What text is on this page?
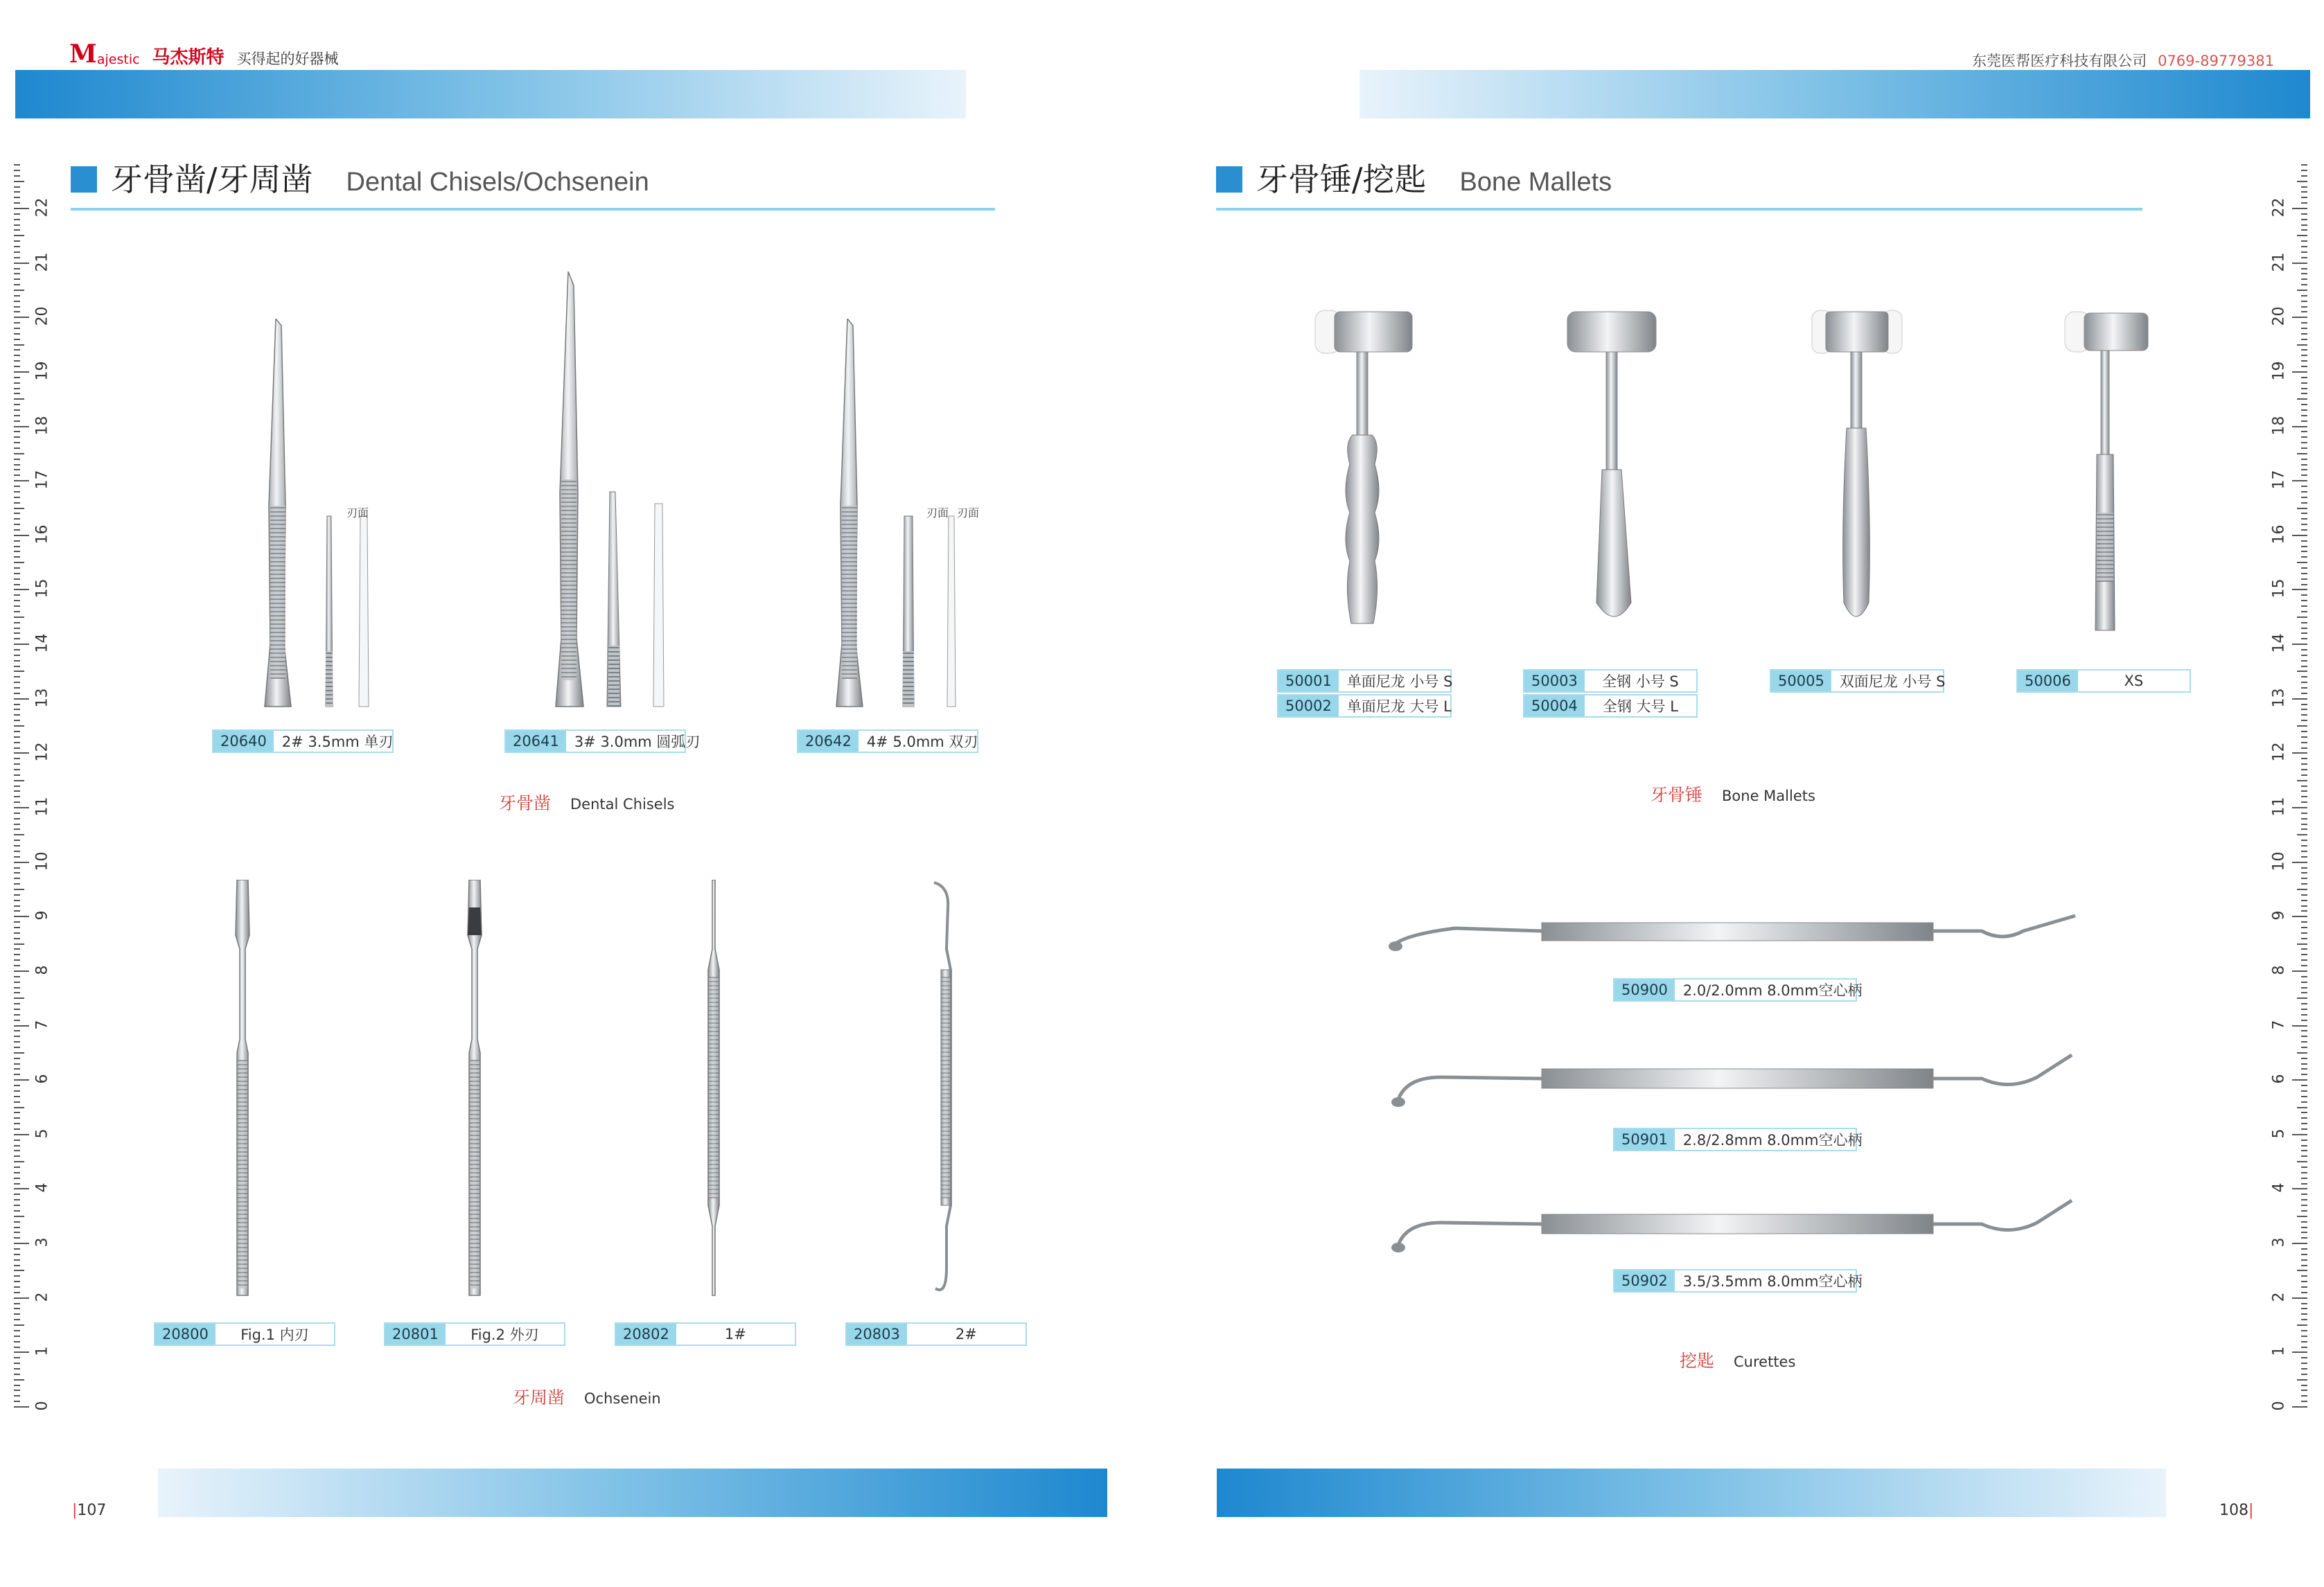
M ajestic 马杰斯特 买得起的好器械	东莞医帮医疗科技有限公司 0769-89779381
0
1
2
3
4
5
6
7
8
9
10
11
12
13
14
15
16
17
18
19
20
21
22
0
1
2
3
4
5
6
7
8
9
10
11
12
13
14
15
16
17
18
19
20
21
22
牙骨凿/牙周凿 Dental Chisels/Ochsenein
刃面	刃面 刃面
20640	2# 3.5mm 单刃	20641	3# 3.0mm 圆弧刃	20642	4# 5.0mm 双刃
牙骨凿 Dental Chisels
20800	Fig.1 内刃	20801	Fig.2 外刃	20802	1#	20803	2#
牙周凿 Ochsenein
|107
牙骨锤/挖匙 Bone Mallets
50001	单面尼龙 小号 S
50002	单面尼龙 大号 L
50003	全钢 小号 S
50004	全钢 大号 L
50005	双面尼龙 小号 S	50006	XS
牙骨锤 Bone Mallets
50900	2.0/2.0mm 8.0mm空心柄
50901	2.8/2.8mm 8.0mm空心柄
50902	3.5/3.5mm 8.0mm空心柄
挖匙 Curettes
108|
